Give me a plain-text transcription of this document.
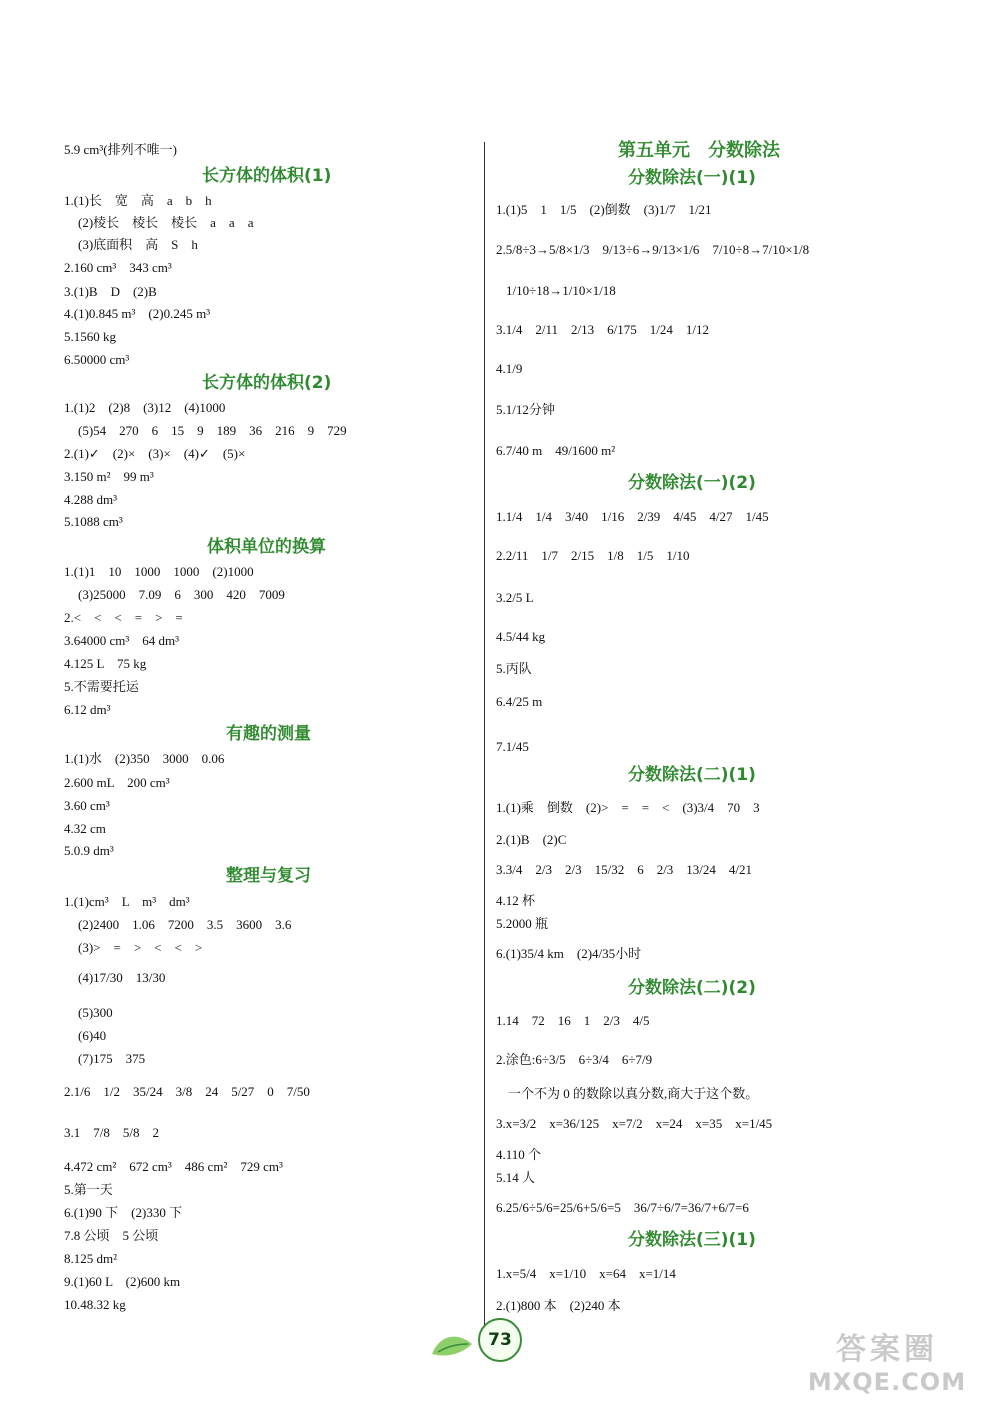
5.9 cm³(排列不唯一)
长方体的体积(1)
1.(1)长　宽　高　a　b　h
(2)棱长　棱长　棱长　a　a　a
(3)底面积　高　S　h
2.160 cm³　343 cm³
3.(1)B　D　(2)B
4.(1)0.845 m³　(2)0.245 m³
5.1560 kg
6.50000 cm³
长方体的体积(2)
1.(1)2　(2)8　(3)12　(4)1000
(5)54　270　6　15　9　189　36　216　9　729
2.(1)✓　(2)×　(3)×　(4)✓　(5)×
3.150 m²　99 m³
4.288 dm³
5.1088 cm³
体积单位的换算
1.(1)1　10　1000　1000　(2)1000
(3)25000　7.09　6　300　420　7009
2.<　<　<　=　>　=
3.64000 cm³　64 dm³
4.125 L　75 kg
5.不需要托运
6.12 dm³
有趣的测量
1.(1)水　(2)350　3000　0.06
2.600 mL　200 cm³
3.60 cm³
4.32 cm
5.0.9 dm³
整理与复习
1.(1)cm³　L　m³　dm³
(2)2400　1.06　7200　3.5　3600　3.6
(3)>　=　>　<　<　>
(4)17/30　13/30
(5)300
(6)40
(7)175　375
2.1/6　1/2　35/24　3/8　24　5/27　0　7/50
3.1　7/8　5/8　2
4.472 cm²　672 cm³　486 cm²　729 cm³
5.第一天
6.(1)90 下　(2)330 下
7.8 公顷　5 公顷
8.125 dm²
9.(1)60 L　(2)600 km
10.48.32 kg
第五单元　分数除法
分数除法(一)(1)
1.(1)5　1　1/5　(2)倒数　(3)1/7　1/21
2.5/8÷3→5/8×1/3　9/13÷6→9/13×1/6　7/10÷8→7/10×1/8
1/10÷18→1/10×1/18
3.1/4　2/11　2/13　6/175　1/24　1/12
4.1/9
5.1/12分钟
6.7/40 m　49/1600 m²
分数除法(一)(2)
1.1/4　1/4　3/40　1/16　2/39　4/45　4/27　1/45
2.2/11　1/7　2/15　1/8　1/5　1/10
3.2/5 L
4.5/44 kg
5.丙队
6.4/25 m
7.1/45
分数除法(二)(1)
1.(1)乘　倒数　(2)>　=　=　<　(3)3/4　70　3
2.(1)B　(2)C
3.3/4　2/3　2/3　15/32　6　2/3　13/24　4/21
4.12 杯
5.2000 瓶
6.(1)35/4 km　(2)4/35小时
分数除法(二)(2)
1.14　72　16　1　2/3　4/5
2.涂色:6÷3/5　6÷3/4　6÷7/9
一个不为 0 的数除以真分数,商大于这个数。
3.x=3/2　x=36/125　x=7/2　x=24　x=35　x=1/45
4.110 个
5.14 人
6.25/6÷5/6=25/6+5/6=5　36/7÷6/7=36/7+6/7=6
分数除法(三)(1)
1.x=5/4　x=1/10　x=64　x=1/14
2.(1)800 本　(2)240 本
73	答案圈
MXQE.COM
